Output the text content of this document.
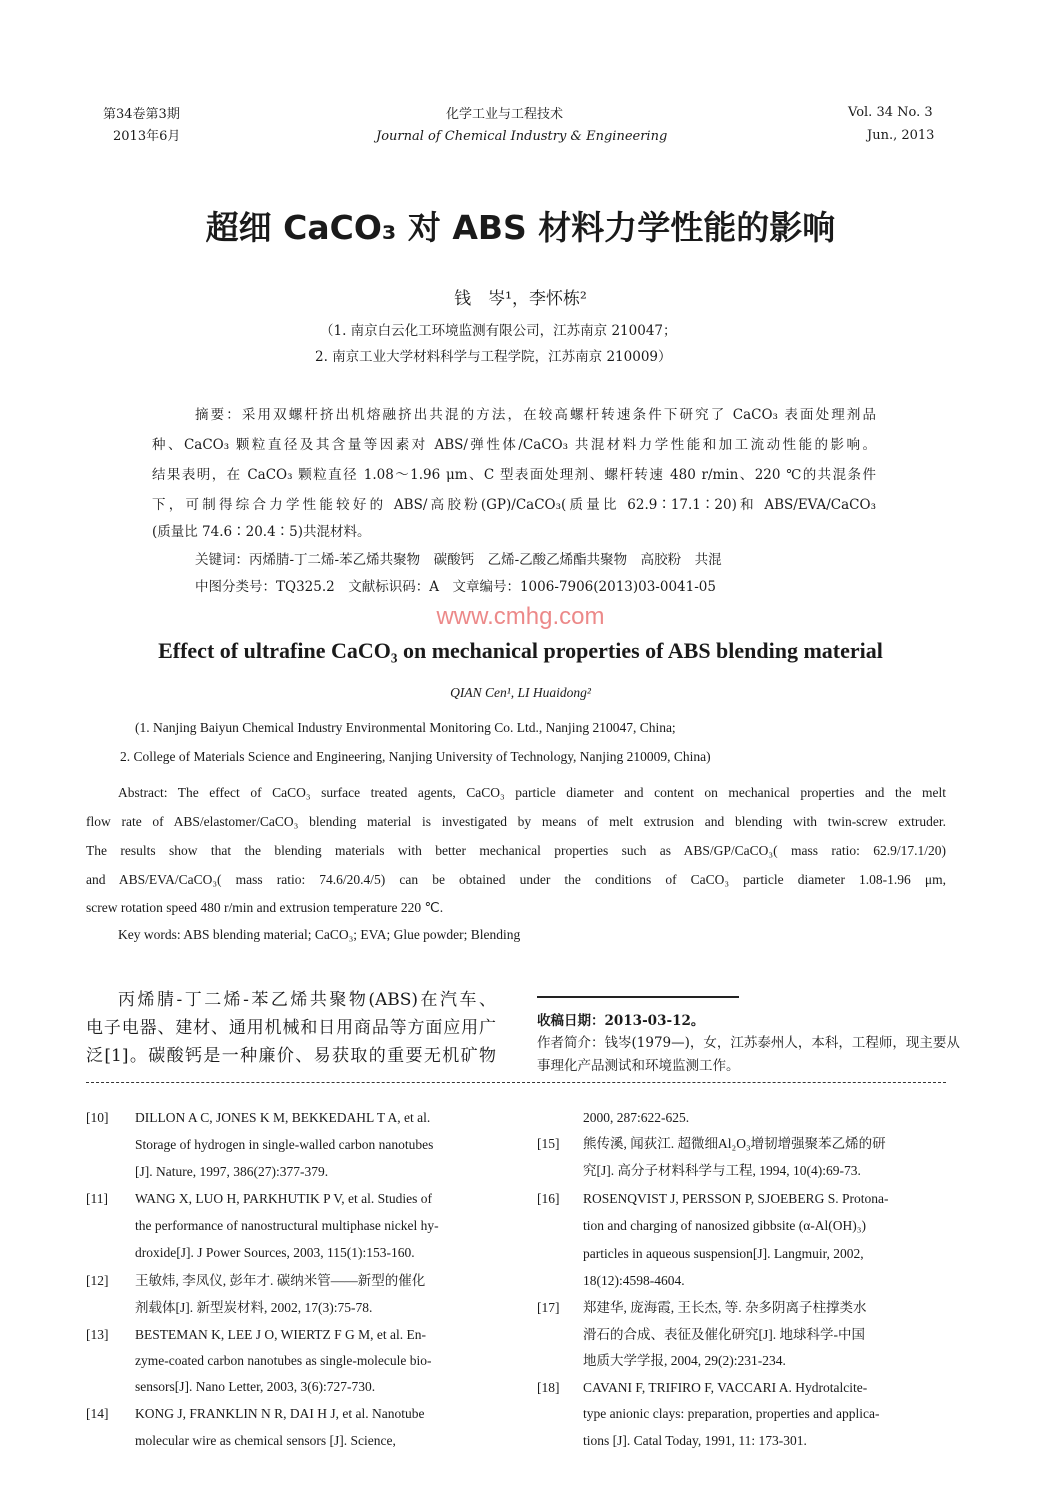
www.cmhg.com
第34卷第3期
2013年6月
化学工业与工程技术
Journal of Chemical Industry & Engineering
Vol. 34 No. 3
Jun., 2013
超细 CaCO₃ 对 ABS 材料力学性能的影响
钱　岑¹，李怀栋²
（1. 南京白云化工环境监测有限公司，江苏南京 210047；
2. 南京工业大学材料科学与工程学院，江苏南京 210009）
摘要：采用双螺杆挤出机熔融挤出共混的方法，在较高螺杆转速条件下研究了 CaCO₃ 表面处理剂品
种、CaCO₃ 颗粒直径及其含量等因素对 ABS/弹性体/CaCO₃ 共混材料力学性能和加工流动性能的影响。
结果表明，在 CaCO₃ 颗粒直径 1.08～1.96 μm、C 型表面处理剂、螺杆转速 480 r/min、220 ℃的共混条件
下，可制得综合力学性能较好的 ABS/高胶粉(GP)/CaCO₃(质量比 62.9∶17.1∶20)和 ABS/EVA/CaCO₃
(质量比 74.6∶20.4∶5)共混材料。
关键词：丙烯腈-丁二烯-苯乙烯共聚物　碳酸钙　乙烯-乙酸乙烯酯共聚物　高胶粉　共混
中图分类号：TQ325.2　文献标识码：A　文章编号：1006-7906(2013)03-0041-05
Effect of ultrafine CaCO₃ on mechanical properties of ABS blending material
QIAN Cen¹, LI Huaidong²
(1. Nanjing Baiyun Chemical Industry Environmental Monitoring Co. Ltd., Nanjing 210047, China;
2. College of Materials Science and Engineering, Nanjing University of Technology, Nanjing 210009, China)
Abstract: The effect of CaCO₃ surface treated agents, CaCO₃ particle diameter and content on mechanical properties and the melt
flow rate of ABS/elastomer/CaCO₃ blending material is investigated by means of melt extrusion and blending with twin-screw extruder.
The results show that the blending materials with better mechanical properties such as ABS/GP/CaCO₃( mass ratio: 62.9/17.1/20)
and ABS/EVA/CaCO₃( mass ratio: 74.6/20.4/5) can be obtained under the conditions of CaCO₃ particle diameter 1.08-1.96 μm,
screw rotation speed 480 r/min and extrusion temperature 220 ℃.
Key words: ABS blending material; CaCO₃; EVA; Glue powder; Blending
丙烯腈-丁二烯-苯乙烯共聚物(ABS)在汽车、
电子电器、建材、通用机械和日用商品等方面应用广
泛[1]。碳酸钙是一种廉价、易获取的重要无机矿物
收稿日期：2013-03-12。
作者简介：钱岑(1979—)，女，江苏泰州人，本科，工程师，现主要从
事理化产品测试和环境监测工作。
[10] DILLON A C, JONES K M, BEKKEDAHL T A, et al.
Storage of hydrogen in single-walled carbon nanotubes
[J]. Nature, 1997, 386(27):377-379.
[11] WANG X, LUO H, PARKHUTIK P V, et al. Studies of
the performance of nanostructural multiphase nickel hy-
droxide[J]. J Power Sources, 2003, 115(1):153-160.
[12] 王敏炜, 李凤仪, 彭年才. 碳纳米管——新型的催化
剂载体[J]. 新型炭材料, 2002, 17(3):75-78.
[13] BESTEMAN K, LEE J O, WIERTZ F G M, et al. En-
zyme-coated carbon nanotubes as single-molecule bio-
sensors[J]. Nano Letter, 2003, 3(6):727-730.
[14] KONG J, FRANKLIN N R, DAI H J, et al. Nanotube
molecular wire as chemical sensors [J]. Science,
2000, 287:622-625.
[15] 熊传溪, 闻荻江. 超微细Al₂O₃增韧增强聚苯乙烯的研
究[J]. 高分子材料科学与工程, 1994, 10(4):69-73.
[16] ROSENQVIST J, PERSSON P, SJOEBERG S. Protona-
tion and charging of nanosized gibbsite (α-Al(OH)₃)
particles in aqueous suspension[J]. Langmuir, 2002,
18(12):4598-4604.
[17] 郑建华, 庞海霞, 王长杰, 等. 杂多阴离子柱撑类水
滑石的合成、表征及催化研究[J]. 地球科学-中国
地质大学学报, 2004, 29(2):231-234.
[18] CAVANI F, TRIFIRO F, VACCARI A. Hydrotalcite-
type anionic clays: preparation, properties and applica-
tions [J]. Catal Today, 1991, 11: 173-301.
